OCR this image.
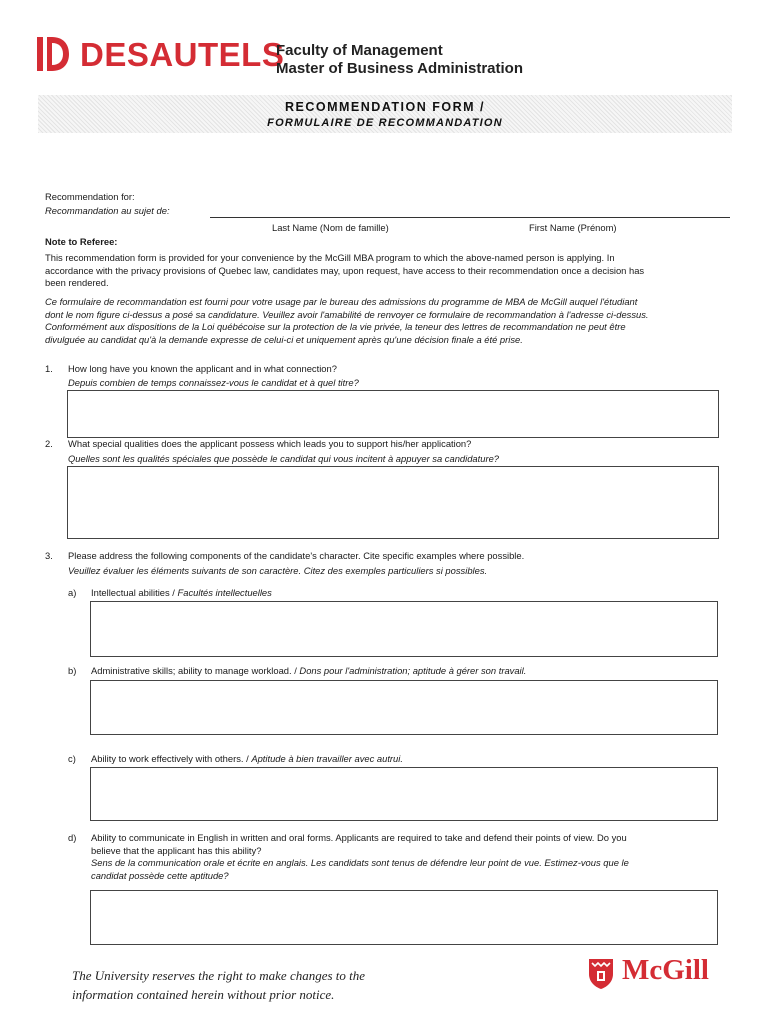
DESAUTELS
Faculty of Management
Master of Business Administration
RECOMMENDATION FORM /
FORMULAIRE DE RECOMMANDATION
Recommendation for:
Recommandation au sujet de:
Last Name (Nom de famille)	First Name (Prénom)
Note to Referee:
This recommendation form is provided for your convenience by the McGill MBA program to which the above-named person is applying. In
accordance with the privacy provisions of Quebec law, candidates may, upon request, have access to their recommendation once a decision has
been rendered.
Ce formulaire de recommandation est fourni pour votre usage par le bureau des admissions du programme de MBA de McGill auquel l'étudiant
dont le nom figure ci-dessus a posé sa candidature. Veuillez avoir l'amabilité de renvoyer ce formulaire de recommandation à l'adresse ci-dessus.
Conformément aux dispositions de la Loi québécoise sur la protection de la vie privée, la teneur des lettres de recommandation ne peut être
divulguée au candidat qu'à la demande expresse de celui-ci et uniquement après qu'une décision finale a été prise.
1. How long have you known the applicant and in what connection?
Depuis combien de temps connaissez-vous le candidat et à quel titre?
2. What special qualities does the applicant possess which leads you to support his/her application?
Quelles sont les qualités spéciales que possède le candidat qui vous incitent à appuyer sa candidature?
3. Please address the following components of the candidate's character. Cite specific examples where possible.
Veuillez évaluer les éléments suivants de son caractère. Citez des exemples particuliers si possibles.
a) Intellectual abilities / Facultés intellectuelles
b) Administrative skills; ability to manage workload. / Dons pour l'administration; aptitude à gérer son travail.
c) Ability to work effectively with others. / Aptitude à bien travailler avec autrui.
d) Ability to communicate in English in written and oral forms. Applicants are required to take and defend their points of view. Do you
believe that the applicant has this ability?
Sens de la communication orale et écrite en anglais. Les candidats sont tenus de défendre leur point de vue. Estimez-vous que le
candidat possède cette aptitude?
The University reserves the right to make changes to the
information contained herein without prior notice.
McGill
